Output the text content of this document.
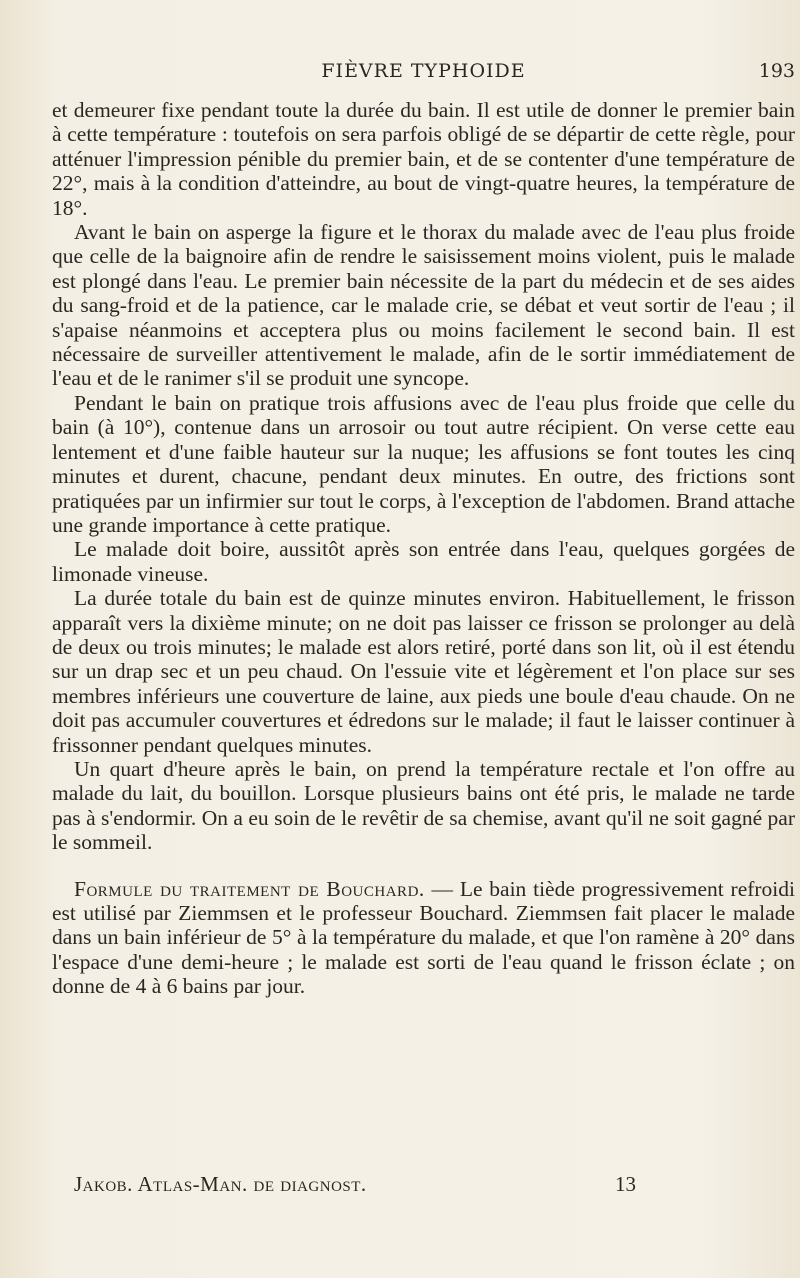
FIÈVRE TYPHOIDE	193

et demeurer fixe pendant toute la durée du bain. Il est utile de donner le premier bain à cette température : toutefois on sera parfois obligé de se départir de cette règle, pour atténuer l'impression pénible du premier bain, et de se contenter d'une température de 22°, mais à la condition d'atteindre, au bout de vingt-quatre heures, la température de 18°.

Avant le bain on asperge la figure et le thorax du malade avec de l'eau plus froide que celle de la baignoire afin de rendre le saisissement moins violent, puis le malade est plongé dans l'eau. Le premier bain nécessite de la part du médecin et de ses aides du sang-froid et de la patience, car le malade crie, se débat et veut sortir de l'eau ; il s'apaise néanmoins et acceptera plus ou moins facilement le second bain. Il est nécessaire de surveiller attentivement le malade, afin de le sortir immédiatement de l'eau et de le ranimer s'il se produit une syncope.

Pendant le bain on pratique trois affusions avec de l'eau plus froide que celle du bain (à 10°), contenue dans un arrosoir ou tout autre récipient. On verse cette eau lentement et d'une faible hauteur sur la nuque; les affusions se font toutes les cinq minutes et durent, chacune, pendant deux minutes. En outre, des frictions sont pratiquées par un infirmier sur tout le corps, à l'exception de l'abdomen. Brand attache une grande importance à cette pratique.

Le malade doit boire, aussitôt après son entrée dans l'eau, quelques gorgées de limonade vineuse.

La durée totale du bain est de quinze minutes environ. Habituellement, le frisson apparaît vers la dixième minute; on ne doit pas laisser ce frisson se prolonger au delà de deux ou trois minutes; le malade est alors retiré, porté dans son lit, où il est étendu sur un drap sec et un peu chaud. On l'essuie vite et légèrement et l'on place sur ses membres inférieurs une couverture de laine, aux pieds une boule d'eau chaude. On ne doit pas accumuler couvertures et édredons sur le malade; il faut le laisser continuer à frissonner pendant quelques minutes.

Un quart d'heure après le bain, on prend la température rectale et l'on offre au malade du lait, du bouillon. Lorsque plusieurs bains ont été pris, le malade ne tarde pas à s'endormir. On a eu soin de le revêtir de sa chemise, avant qu'il ne soit gagné par le sommeil.

Formule du traitement de Bouchard. — Le bain tiède progressivement refroidi est utilisé par Ziemmsen et le professeur Bouchard. Ziemmsen fait placer le malade dans un bain inférieur de 5° à la température du malade, et que l'on ramène à 20° dans l'espace d'une demi-heure ; le malade est sorti de l'eau quand le frisson éclate ; on donne de 4 à 6 bains par jour.

Jakob. Atlas-Man. de diagnost.	13
